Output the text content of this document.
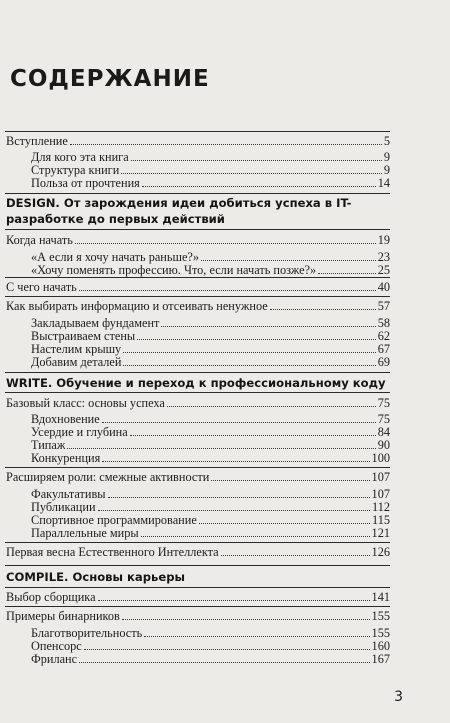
СОДЕРЖАНИЕ
Вступление	5
Для кого эта книга	9
Структура книги	9
Польза от прочтения	14
DESIGN. От зарождения идеи добиться успеха в IT-разработке до первых действий
Когда начать	19
«А если я хочу начать раньше?»	23
«Хочу поменять профессию. Что, если начать позже?»	25
С чего начать	40
Как выбирать информацию и отсеивать ненужное	57
Закладываем фундамент	58
Выстраиваем стены	62
Настелим крышу	67
Добавим деталей	69
WRITE. Обучение и переход к профессиональному коду
Базовый класс: основы успеха	75
Вдохновение	75
Усердие и глубина	84
Типаж	90
Конкуренция	100
Расширяем роли: смежные активности	107
Факультативы	107
Публикации	112
Спортивное программирование	115
Параллельные миры	121
Первая весна Естественного Интеллекта	126
COMPILE. Основы карьеры
Выбор сборщика	141
Примеры бинарников	155
Благотворительность	155
Опенсорс	160
Фриланс	167
3
